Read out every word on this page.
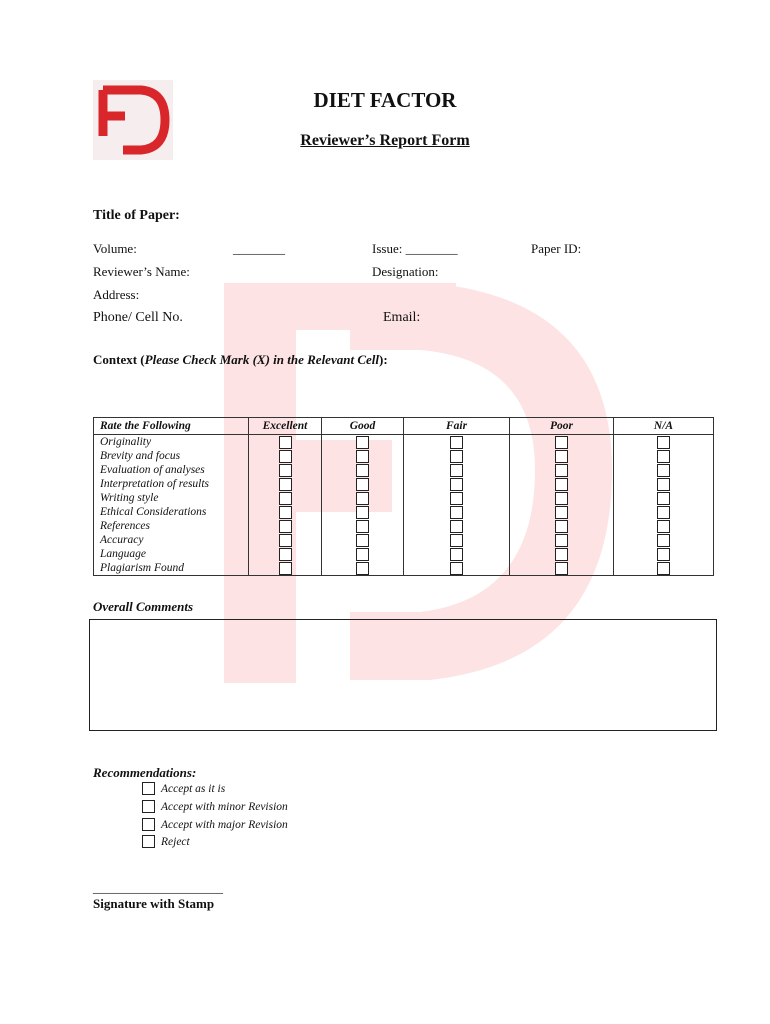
DIET FACTOR
Reviewer’s Report Form
Title of Paper:
Volume:	________	Issue: ________	Paper ID:
Reviewer’s Name:	Designation:
Address:
Phone/ Cell No.	Email:
Context (Please Check Mark (X) in the Relevant Cell):
Rate the Following	Excellent	Good	Fair	Poor	N/A
Originality					
Brevity and focus					
Evaluation of analyses					
Interpretation of results					
Writing style					
Ethical Considerations					
References					
Accuracy					
Language					
Plagiarism Found					
Overall Comments
Recommendations:
Accept as it is
Accept with minor Revision
Accept with major Revision
Reject
____________________
Signature with Stamp
